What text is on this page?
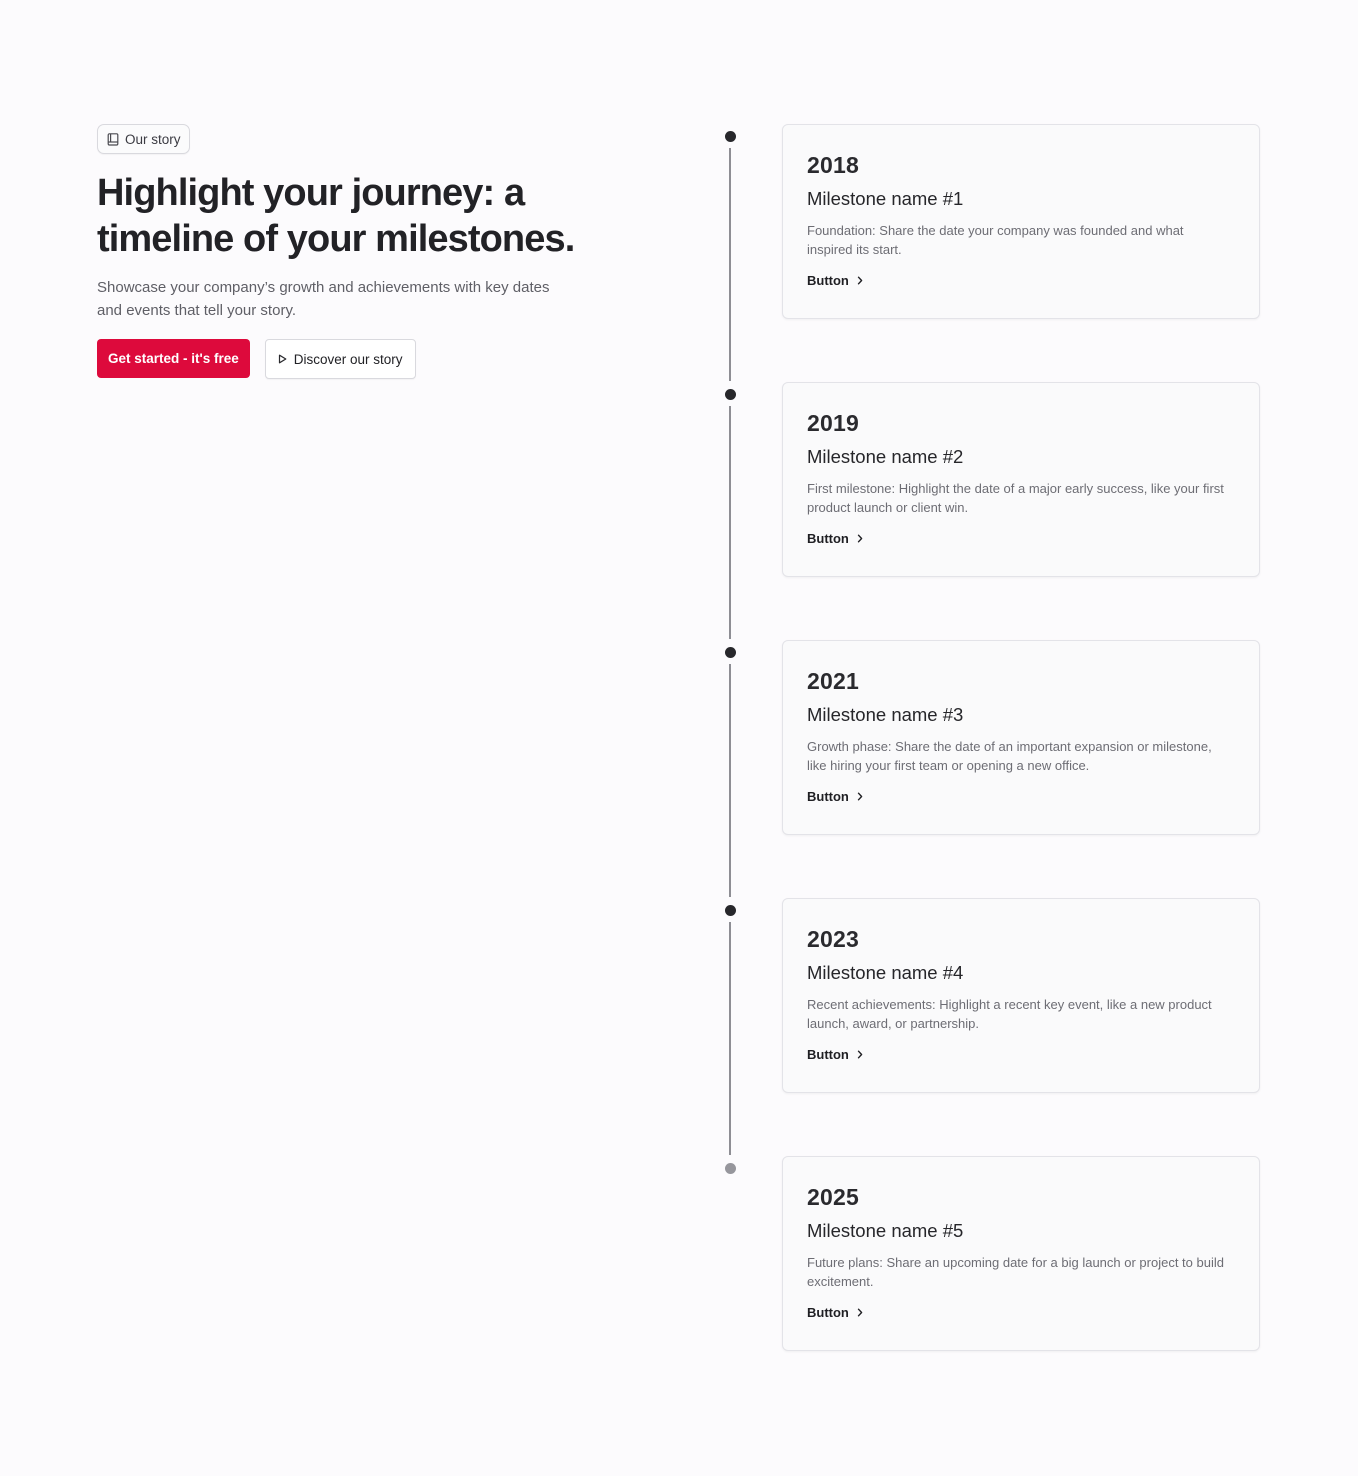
Our story
Highlight your journey: a
timeline of your milestones.

Showcase your company’s growth and achievements with key dates and events that tell your story.

Get started - it's free	Discover our story
2018
Milestone name #1
Foundation: Share the date your company was founded and what inspired its start.
Button
2019
Milestone name #2
First milestone: Highlight the date of a major early success, like your first product launch or client win.
Button
2021
Milestone name #3
Growth phase: Share the date of an important expansion or milestone, like hiring your first team or opening a new office.
Button
2023
Milestone name #4
Recent achievements: Highlight a recent key event, like a new product launch, award, or partnership.
Button
2025
Milestone name #5
Future plans: Share an upcoming date for a big launch or project to build excitement.
Button
